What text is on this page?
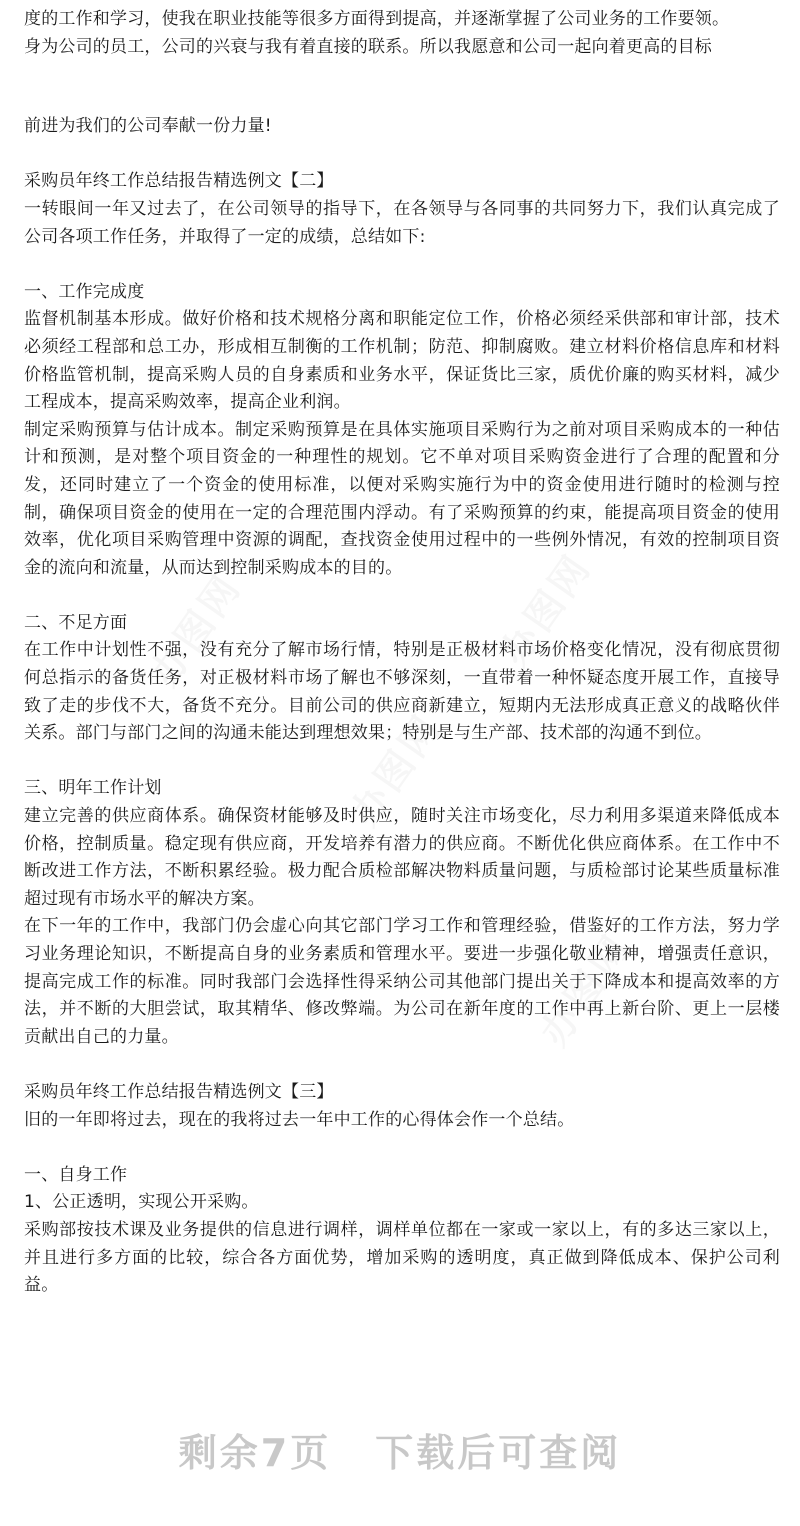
度的工作和学习，使我在职业技能等很多方面得到提高，并逐渐掌握了公司业务的工作要领。

身为公司的员工，公司的兴衰与我有着直接的联系。所以我愿意和公司一起向着更高的目标

前进为我们的公司奉献一份力量!

采购员年终工作总结报告精选例文【二】

一转眼间一年又过去了，在公司领导的指导下，在各领导与各同事的共同努力下，我们认真完成了公司各项工作任务，并取得了一定的成绩，总结如下:

一、工作完成度

监督机制基本形成。做好价格和技术规格分离和职能定位工作，价格必须经采供部和审计部，技术必须经工程部和总工办，形成相互制衡的工作机制；防范、抑制腐败。建立材料价格信息库和材料价格监管机制，提高采购人员的自身素质和业务水平，保证货比三家，质优价廉的购买材料，减少工程成本，提高采购效率，提高企业利润。

制定采购预算与估计成本。制定采购预算是在具体实施项目采购行为之前对项目采购成本的一种估计和预测，是对整个项目资金的一种理性的规划。它不单对项目采购资金进行了合理的配置和分发，还同时建立了一个资金的使用标准，以便对采购实施行为中的资金使用进行随时的检测与控制，确保项目资金的使用在一定的合理范围内浮动。有了采购预算的约束，能提高项目资金的使用效率，优化项目采购管理中资源的调配，查找资金使用过程中的一些例外情况，有效的控制项目资金的流向和流量，从而达到控制采购成本的目的。

二、不足方面

在工作中计划性不强，没有充分了解市场行情，特别是正极材料市场价格变化情况，没有彻底贯彻何总指示的备货任务，对正极材料市场了解也不够深刻，一直带着一种怀疑态度开展工作，直接导致了走的步伐不大，备货不充分。目前公司的供应商新建立，短期内无法形成真正意义的战略伙伴关系。部门与部门之间的沟通未能达到理想效果；特别是与生产部、技术部的沟通不到位。

三、明年工作计划

建立完善的供应商体系。确保资材能够及时供应，随时关注市场变化，尽力利用多渠道来降低成本价格，控制质量。稳定现有供应商，开发培养有潜力的供应商。不断优化供应商体系。在工作中不断改进工作方法，不断积累经验。极力配合质检部解决物料质量问题，与质检部讨论某些质量标准超过现有市场水平的解决方案。

在下一年的工作中，我部门仍会虚心向其它部门学习工作和管理经验，借鉴好的工作方法，努力学习业务理论知识，不断提高自身的业务素质和管理水平。要进一步强化敬业精神，增强责任意识，提高完成工作的标准。同时我部门会选择性得采纳公司其他部门提出关于下降成本和提高效率的方法，并不断的大胆尝试，取其精华、修改弊端。为公司在新年度的工作中再上新台阶、更上一层楼贡献出自己的力量。

采购员年终工作总结报告精选例文【三】

旧的一年即将过去，现在的我将过去一年中工作的心得体会作一个总结。

一、自身工作

1、公正透明，实现公开采购。

采购部按技术课及业务提供的信息进行调样，调样单位都在一家或一家以上，有的多达三家以上，并且进行多方面的比较，综合各方面优势，增加采购的透明度，真正做到降低成本、保护公司利益。

剩余7页 下载后可查阅
